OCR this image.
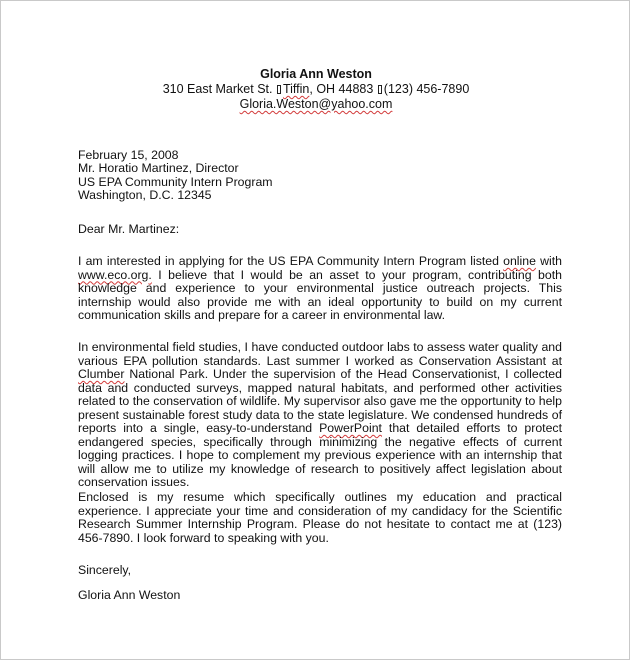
Gloria Ann Weston
310 East Market St. Tiffin, OH 44883 (123) 456-7890
Gloria.Weston@yahoo.com
February 15, 2008
Mr. Horatio Martinez, Director
US EPA Community Intern Program
Washington, D.C. 12345
Dear Mr. Martinez:

I am interested in applying for the US EPA Community Intern Program listed online with www.eco.org. I believe that I would be an asset to your program, contributing both knowledge and experience to your environmental justice outreach projects. This internship would also provide me with an ideal opportunity to build on my current communication skills and prepare for a career in environmental law.

In environmental field studies, I have conducted outdoor labs to assess water quality and various EPA pollution standards. Last summer I worked as Conservation Assistant at Clumber National Park. Under the supervision of the Head Conservationist, I collected data and conducted surveys, mapped natural habitats, and performed other activities related to the conservation of wildlife. My supervisor also gave me the opportunity to help present sustainable forest study data to the state legislature. We condensed hundreds of reports into a single, easy-to-understand PowerPoint that detailed efforts to protect endangered species, specifically through minimizing the negative effects of current logging practices. I hope to complement my previous experience with an internship that will allow me to utilize my knowledge of research to positively affect legislation about conservation issues.

Enclosed is my resume which specifically outlines my education and practical experience. I appreciate your time and consideration of my candidacy for the Scientific Research Summer Internship Program. Please do not hesitate to contact me at (123) 456-7890. I look forward to speaking with you.

Sincerely,
Gloria Ann Weston
